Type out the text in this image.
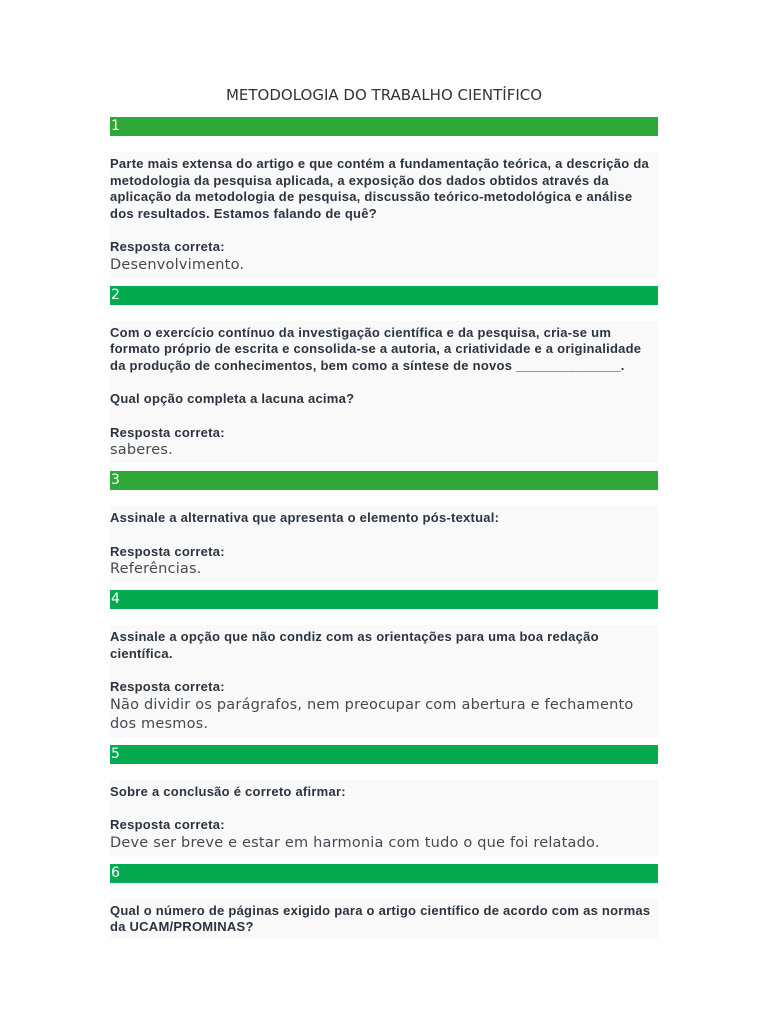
METODOLOGIA DO TRABALHO CIENTÍFICO
1
Parte mais extensa do artigo e que contém a fundamentação teórica, a descrição da metodologia da pesquisa aplicada, a exposição dos dados obtidos através da aplicação da metodologia de pesquisa, discussão teórico-metodológica e análise dos resultados. Estamos falando de quê?
Resposta correta:
Desenvolvimento.
2
Com o exercício contínuo da investigação científica e da pesquisa, cria-se um formato próprio de escrita e consolida-se a autoria, a criatividade e a originalidade da produção de conhecimentos, bem como a síntese de novos ______________.
Qual opção completa a lacuna acima?
Resposta correta:
saberes.
3
Assinale a alternativa que apresenta o elemento pós-textual:
Resposta correta:
Referências.
4
Assinale a opção que não condiz com as orientações para uma boa redação científica.
Resposta correta:
Não dividir os parágrafos, nem preocupar com abertura e fechamento dos mesmos.
5
Sobre a conclusão é correto afirmar:
Resposta correta:
Deve ser breve e estar em harmonia com tudo o que foi relatado.
6
Qual o número de páginas exigido para o artigo científico de acordo com as normas da UCAM/PROMINAS?
